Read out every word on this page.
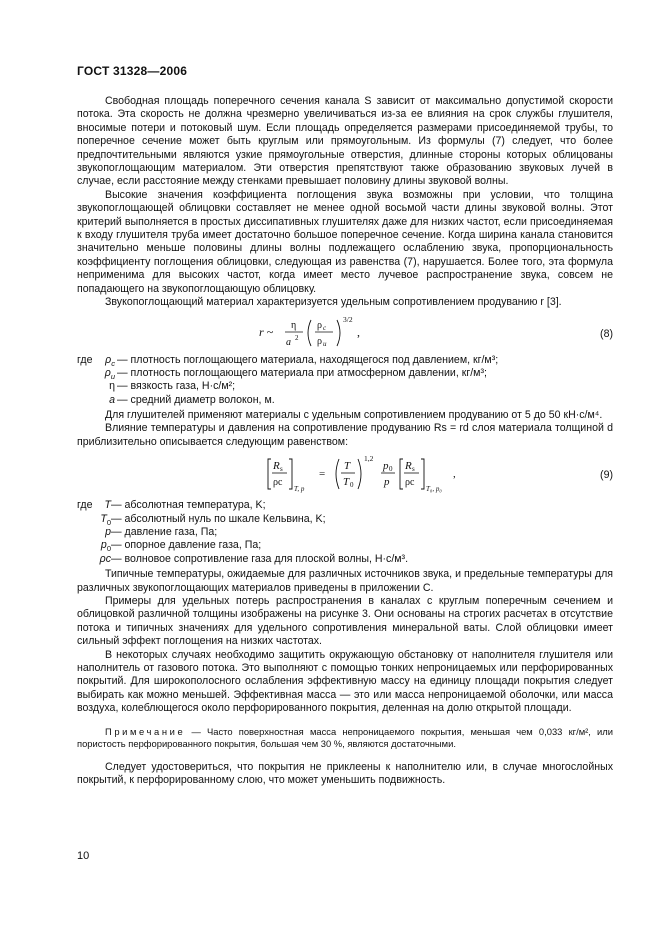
ГОСТ 31328—2006

Свободная площадь поперечного сечения канала S зависит от максимально допустимой скорости потока. Эта скорость не должна чрезмерно увеличиваться из-за ее влияния на срок службы глушителя, вносимые потери и потоковый шум. Если площадь определяется размерами присоединяемой трубы, то поперечное сечение может быть круглым или прямоугольным. Из формулы (7) следует, что более предпочтительными являются узкие прямоугольные отверстия, длинные стороны которых облицованы звукопоглощающим материалом. Эти отверстия препятствуют также образованию звуковых лучей в случае, если расстояние между стенками превышает половину длины звуковой волны.

Высокие значения коэффициента поглощения звука возможны при условии, что толщина звукопоглощающей облицовки составляет не менее одной восьмой части длины звуковой волны. Этот критерий выполняется в простых диссипативных глушителях даже для низких частот, если присоединяемая к входу глушителя труба имеет достаточно большое поперечное сечение. Когда ширина канала становится значительно меньше половины длины волны подлежащего ослаблению звука, пропорциональность коэффициенту поглощения облицовки, следующая из равенства (7), нарушается. Более того, эта формула неприменима для высоких частот, когда имеет место лучевое распространение звука, совсем не попадающего на звукопоглощающую облицовку.

Звукопоглощающий материал характеризуется удельным сопротивлением продуванию r [3].

r ~ η
a 2
ρ c
ρ u
3/2
,	(8)
где	$\rho_c$ — плотность поглощающего материала, находящегося под давлением, кг/м³;
$\rho_u$ — плотность поглощающего материала при атмосферном давлении, кг/м³;
η — вязкость газа, Н·с/м²;
a — средний диаметр волокон, м.

Для глушителей применяют материалы с удельным сопротивлением продуванию от 5 до 50 кН·с/м⁴.

Влияние температуры и давления на сопротивление продуванию Rs = rd слоя материала толщиной d приблизительно описывается следующим равенством:

R s
ρc
T, p
=
T
T 0
1,2
p 0
p
R s
ρc
T₀, p₀
,	(9)
где	T — абсолютная температура, K;
$T_0$ — абсолютный нуль по шкале Кельвина, K;
p — давление газа, Па;
$p_0$ — опорное давление газа, Па;
ρc — волновое сопротивление газа для плоской волны, Н·с/м³.

Типичные температуры, ожидаемые для различных источников звука, и предельные температуры для различных звукопоглощающих материалов приведены в приложении С.

Примеры для удельных потерь распространения в каналах с круглым поперечным сечением и облицовкой различной толщины изображены на рисунке 3. Они основаны на строгих расчетах в отсутствие потока и типичных значениях для удельного сопротивления минеральной ваты. Слой облицовки имеет сильный эффект поглощения на низких частотах.

В некоторых случаях необходимо защитить окружающую обстановку от наполнителя глушителя или наполнитель от газового потока. Это выполняют с помощью тонких непроницаемых или перфорированных покрытий. Для широкополосного ослабления эффективную массу на единицу площади покрытия следует выбирать как можно меньшей. Эффективная масса — это или масса непроницаемой оболочки, или масса воздуха, колеблющегося около перфорированного покрытия, деленная на долю открытой площади.

Примечание — Часто поверхностная масса непроницаемого покрытия, меньшая чем 0,033 кг/м², или пористость перфорированного покрытия, большая чем 30 %, являются достаточными.

Следует удостовериться, что покрытия не приклеены к наполнителю или, в случае многослойных покрытий, к перфорированному слою, что может уменьшить подвижность.

10
